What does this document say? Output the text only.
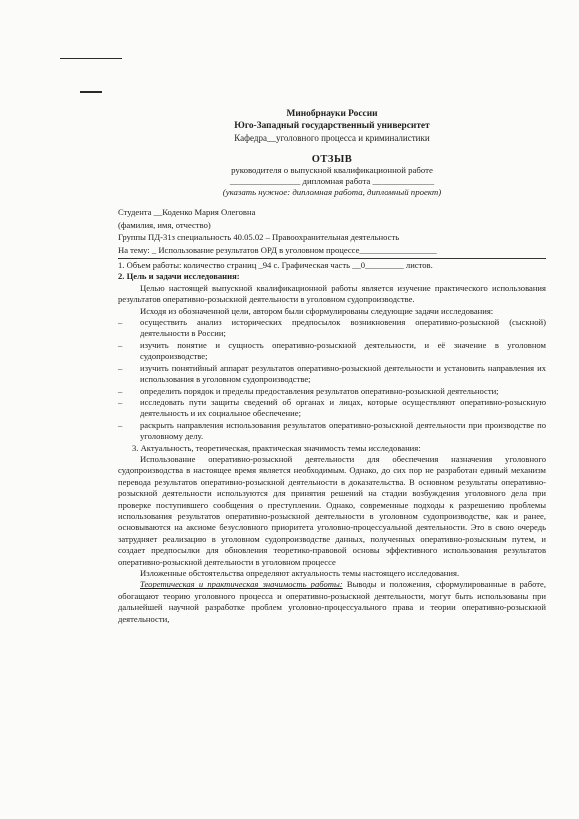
Минобрнауки России
Юго-Западный государственный университет
Кафедра__уголовного процесса и криминалистики
ОТЗЫВ
руководителя о выпускной квалификационной работе
________________ дипломная работа ______________
(указать нужное: дипломная работа, дипломный проект)
Студента __Коденко Мария Олеговна
(фамилия, имя, отчество)
Группы ПД-31з специальность 40.05.02 – Правоохранительная деятельность
На тему: _ Использование результатов ОРД в уголовном процессе__________________
1. Объем работы: количество страниц _94 с. Графическая часть __0_________ листов.
2. Цель и задачи исследования:
Целью настоящей выпускной квалификационной работы является изучение практического использования результатов оперативно-розыскной деятельности в уголовном судопроизводстве.
Исходя из обозначенной цели, автором были сформулированы следующие задачи исследования:
– осуществить анализ исторических предпосылок возникновения оперативно-розыскной (сыскной) деятельности в России;
– изучить понятие и сущность оперативно-розыскной деятельности, и её значение в уголовном судопроизводстве;
– изучить понятийный аппарат результатов оперативно-розыскной деятельности и установить направления их использования в уголовном судопроизводстве;
– определить порядок и пределы предоставления результатов оперативно-розыскной деятельности;
– исследовать пути защиты сведений об органах и лицах, которые осуществляют оперативно-розыскную деятельность и их социальное обеспечение;
– раскрыть направления использования результатов оперативно-розыскной деятельности при производстве по уголовному делу.
3. Актуальность, теоретическая, практическая значимость темы исследования:
Использование оперативно-розыскной деятельности для обеспечения назначения уголовного судопроизводства в настоящее время является необходимым. Однако, до сих пор не разработан единый механизм перевода результатов оперативно-розыскной деятельности в доказательства. В основном результаты оперативно-розыскной деятельности используются для принятия решений на стадии возбуждения уголовного дела при проверке поступившего сообщения о преступлении. Однако, современные подходы к разрешению проблемы использования результатов оперативно-розыскной деятельности в уголовном судопроизводстве, как и ранее, основываются на аксиоме безусловного приоритета уголовно-процессуальной деятельности. Это в свою очередь затрудняет реализацию в уголовном судопроизводстве данных, полученных оперативно-розыскным путем, и создает предпосылки для обновления теоретико-правовой основы эффективного использования результатов оперативно-розыскной деятельности в уголовном процессе
Изложенные обстоятельства определяют актуальность темы настоящего исследования.
Теоретическая и практическая значимость работы: Выводы и положения, сформулированные в работе, обогащают теорию уголовного процесса и оперативно-розыскной деятельности, могут быть использованы при дальнейшей научной разработке проблем уголовно-процессуального права и теории оперативно-розыскной деятельности,
